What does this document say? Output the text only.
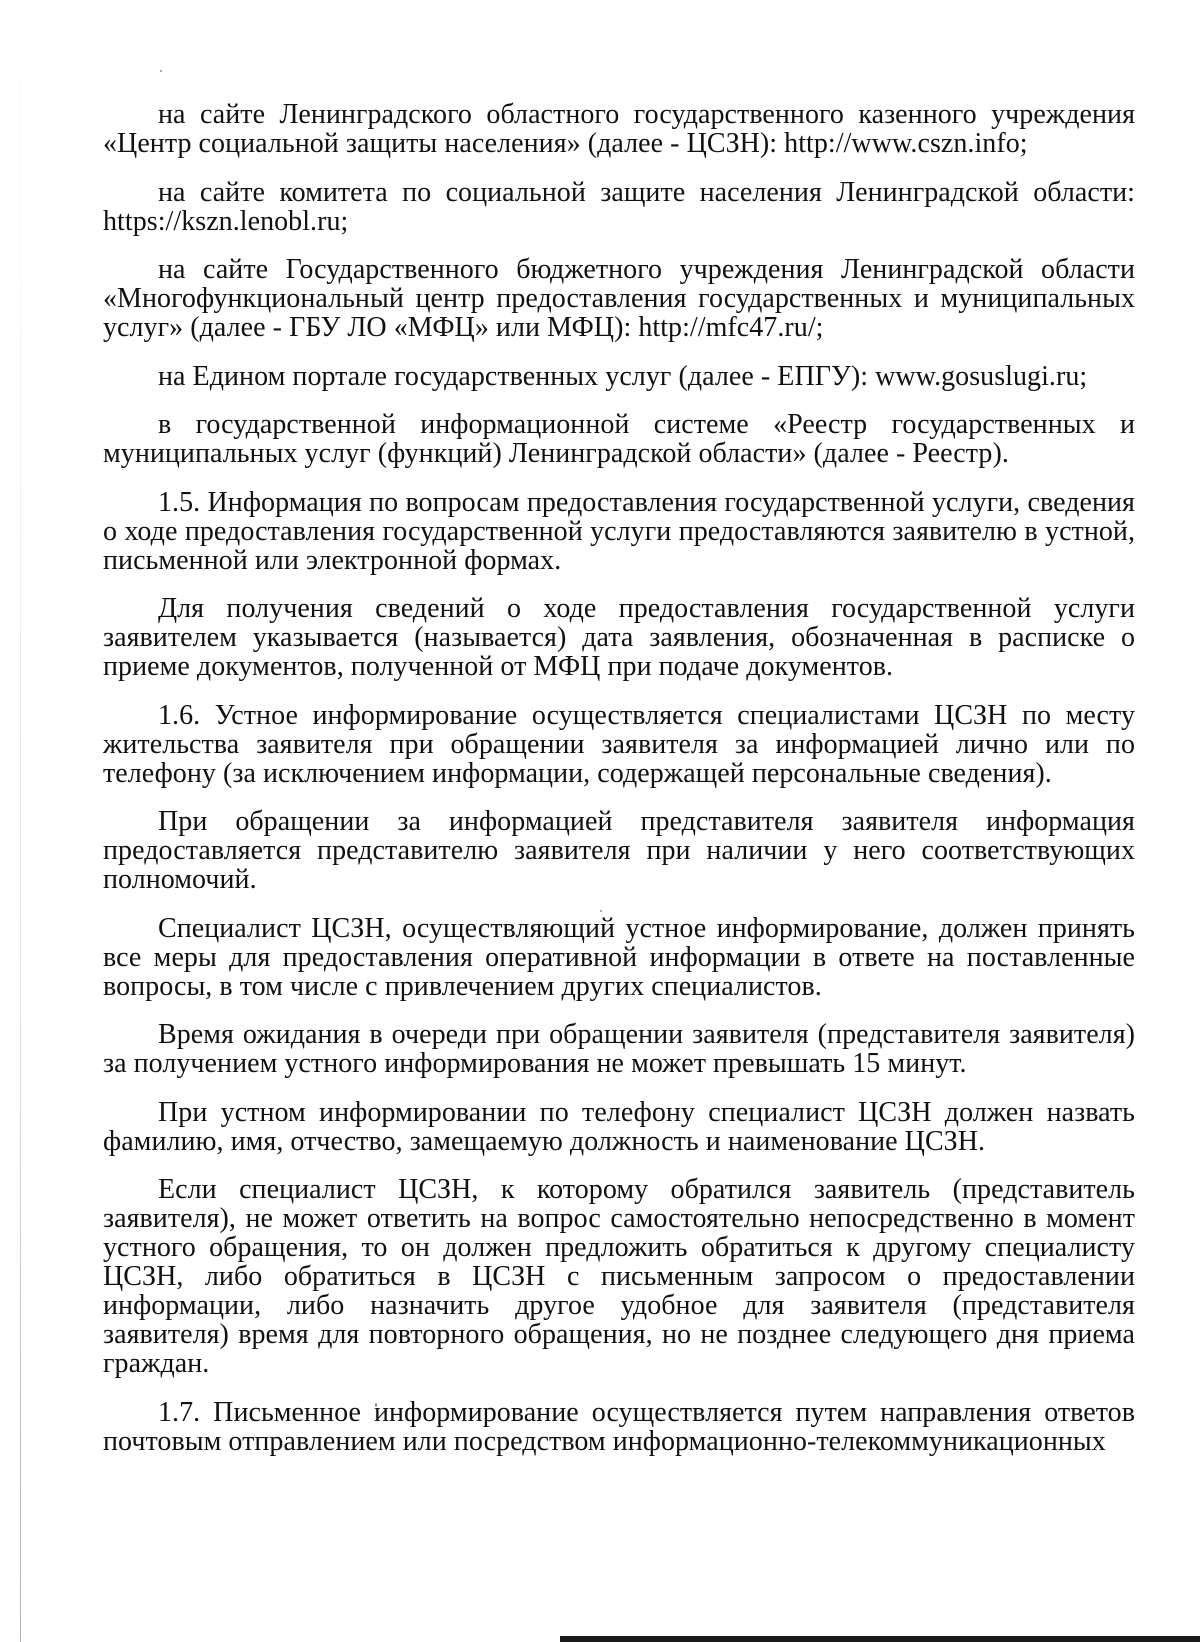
на сайте Ленинградского областного государственного казенного учреждения «Центр социальной защиты населения» (далее - ЦСЗН): http://www.cszn.info;

на сайте комитета по социальной защите населения Ленинградской области: https://kszn.lenobl.ru;

на сайте Государственного бюджетного учреждения Ленинградской области «Многофункциональный центр предоставления государственных и муниципальных услуг» (далее - ГБУ ЛО «МФЦ» или МФЦ): http://mfc47.ru/;

на Едином портале государственных услуг (далее - ЕПГУ): www.gosuslugi.ru;

в государственной информационной системе «Реестр государственных и муниципальных услуг (функций) Ленинградской области» (далее - Реестр).

1.5. Информация по вопросам предоставления государственной услуги, сведения о ходе предоставления государственной услуги предоставляются заявителю в устной, письменной или электронной формах.

Для получения сведений о ходе предоставления государственной услуги заявителем указывается (называется) дата заявления, обозначенная в расписке о приеме документов, полученной от МФЦ при подаче документов.

1.6. Устное информирование осуществляется специалистами ЦСЗН по месту жительства заявителя при обращении заявителя за информацией лично или по телефону (за исключением информации, содержащей персональные сведения).

При обращении за информацией представителя заявителя информация предоставляется представителю заявителя при наличии у него соответствующих полномочий.

Специалист ЦСЗН, осуществляющий устное информирование, должен принять все меры для предоставления оперативной информации в ответе на поставленные вопросы, в том числе с привлечением других специалистов.

Время ожидания в очереди при обращении заявителя (представителя заявителя) за получением устного информирования не может превышать 15 минут.

При устном информировании по телефону специалист ЦСЗН должен назвать фамилию, имя, отчество, замещаемую должность и наименование ЦСЗН.

Если специалист ЦСЗН, к которому обратился заявитель (представитель заявителя), не может ответить на вопрос самостоятельно непосредственно в момент устного обращения, то он должен предложить обратиться к другому специалисту ЦСЗН, либо обратиться в ЦСЗН с письменным запросом о предоставлении информации, либо назначить другое удобное для заявителя (представителя заявителя) время для повторного обращения, но не позднее следующего дня приема граждан.

1.7. Письменное информирование осуществляется путем направления ответов почтовым отправлением или посредством информационно-телекоммуникационных
